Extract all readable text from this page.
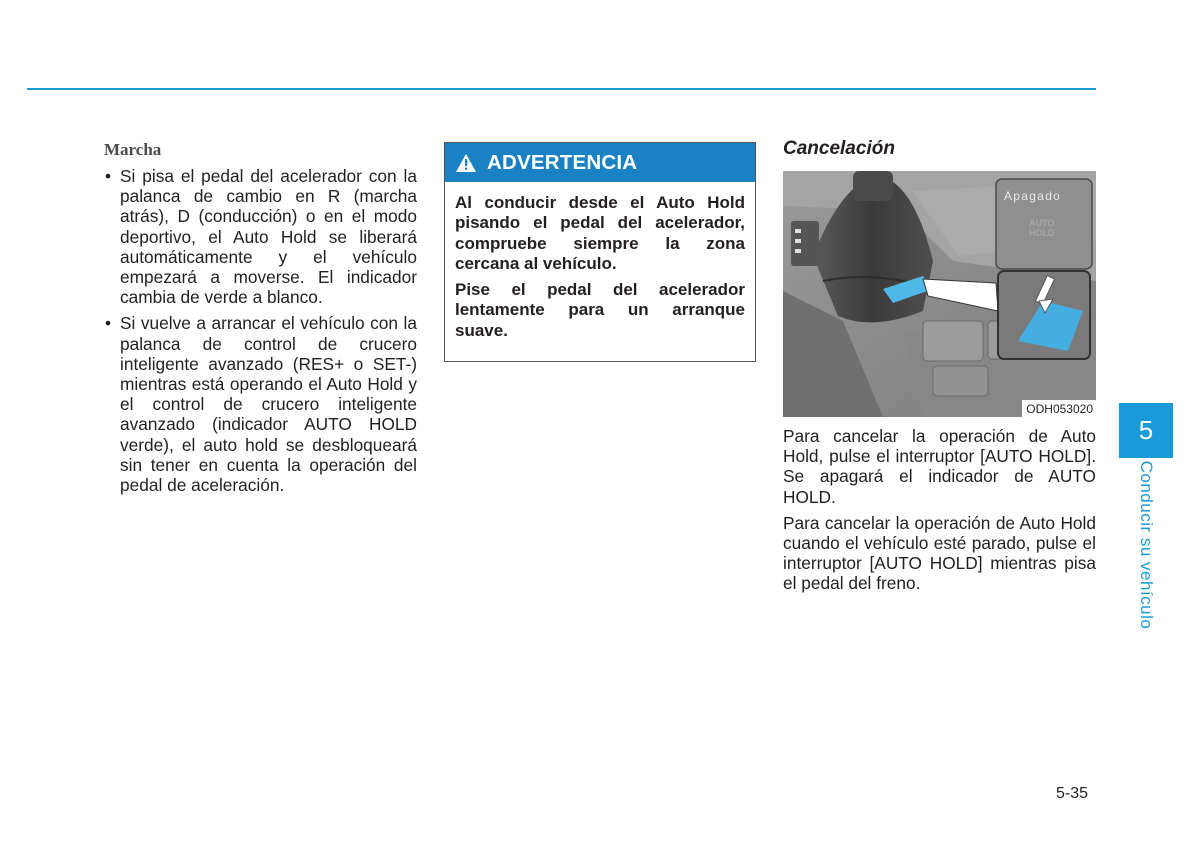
Marcha
• Si pisa el pedal del acelerador con la palanca de cambio en R (marcha atrás), D (conducción) o en el modo deportivo, el Auto Hold se liberará automáticamente y el vehículo empezará a moverse. El indicador cambia de verde a blanco.
• Si vuelve a arrancar el vehículo con la palanca de control de crucero inteligente avanzado (RES+ o SET-) mientras está operando el Auto Hold y el control de crucero inteligente avanzado (indicador AUTO HOLD verde), el auto hold se desbloqueará sin tener en cuenta la operación del pedal de aceleración.
ADVERTENCIA

Al conducir desde el Auto Hold pisando el pedal del acelerador, compruebe siempre la zona cercana al vehículo.

Pise el pedal del acelerador lentamente para un arranque suave.

Cancelación
Apagado
AUTO
HOLD
ODH053020

Para cancelar la operación de Auto Hold, pulse el interruptor [AUTO HOLD]. Se apagará el indicador de AUTO HOLD.

Para cancelar la operación de Auto Hold cuando el vehículo esté parado, pulse el interruptor [AUTO HOLD] mientras pisa el pedal del freno.

5
Conducir su vehículo
5-35
